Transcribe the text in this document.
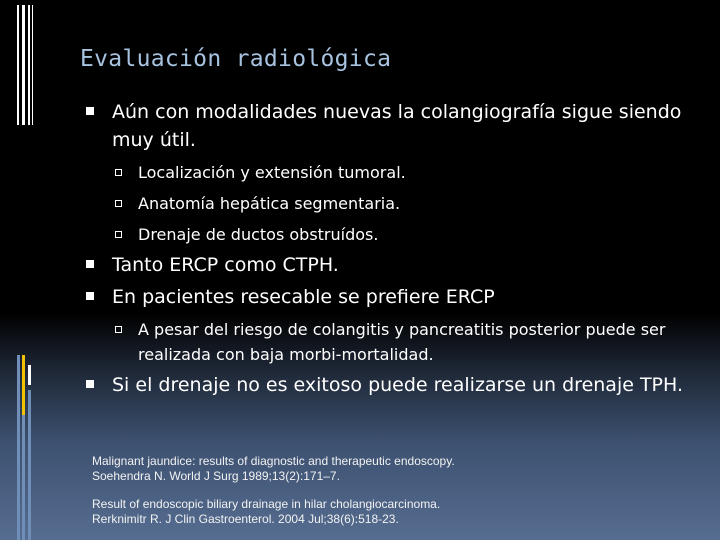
Evaluación radiológica
Aún con modalidades nuevas la colangiografía sigue siendo muy útil.
Localización y extensión tumoral.
Anatomía hepática segmentaria.
Drenaje de ductos obstruídos.
Tanto ERCP como CTPH.
En pacientes resecable se prefiere ERCP
A pesar del riesgo de colangitis y pancreatitis posterior puede ser realizada con baja morbi-mortalidad.
Si el drenaje no es exitoso puede realizarse un drenaje TPH.
Malignant jaundice: results of diagnostic and therapeutic endoscopy.
Soehendra N. World J Surg 1989;13(2):171–7.
Result of endoscopic biliary drainage in hilar cholangiocarcinoma.
Rerknimitr R. J Clin Gastroenterol. 2004 Jul;38(6):518-23.
